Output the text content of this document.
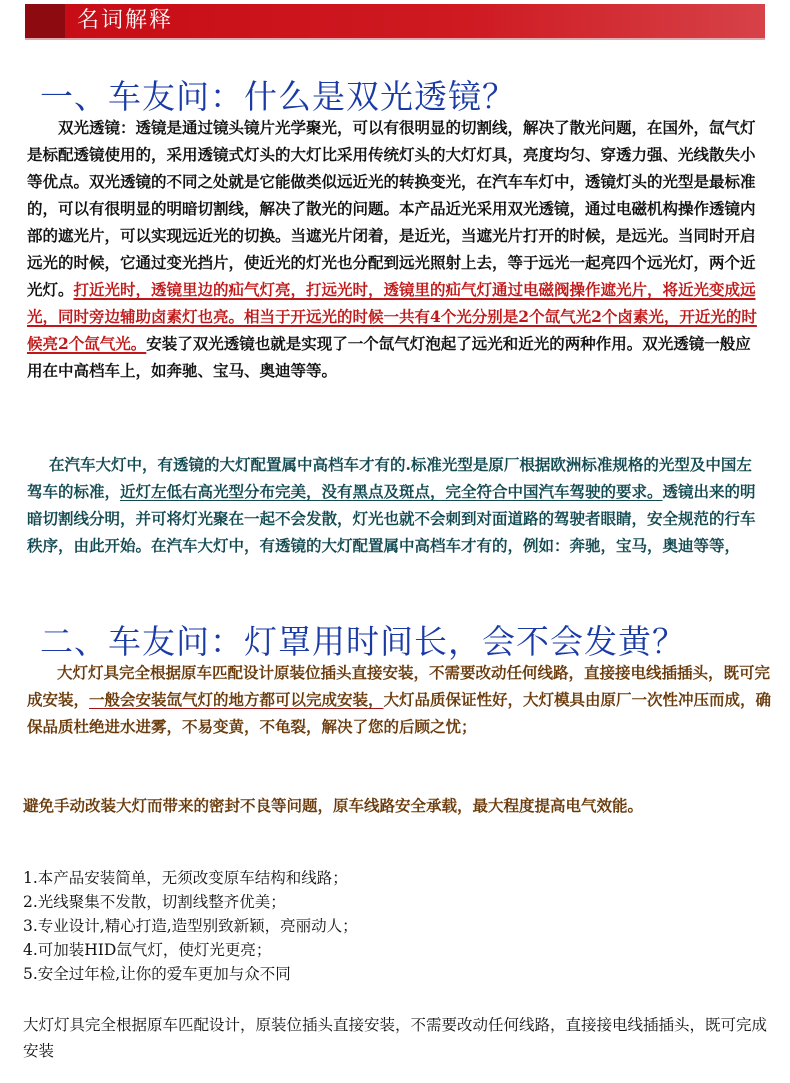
名词解释
一、车友问：什么是双光透镜？

双光透镜：透镜是通过镜头镜片光学聚光，可以有很明显的切割线，解决了散光问题，在国外，氙气灯是标配透镜使用的，采用透镜式灯头的大灯比采用传统灯头的大灯灯具，亮度均匀、穿透力强、光线散失小等优点。双光透镜的不同之处就是它能做类似远近光的转换变光，在汽车车灯中，透镜灯头的光型是最标准的，可以有很明显的明暗切割线，解决了散光的问题。本产品近光采用双光透镜，通过电磁机构操作透镜内部的遮光片，可以实现远近光的切换。当遮光片闭着，是近光，当遮光片打开的时候，是远光。当同时开启远光的时候，它通过变光挡片，使近光的灯光也分配到远光照射上去，等于远光一起亮四个远光灯，两个近光灯。打近光时，透镜里边的疝气灯亮，打远光时，透镜里的疝气灯通过电磁阀操作遮光片，将近光变成远光，同时旁边辅助卤素灯也亮。相当于开远光的时候一共有4个光分别是2个氙气光2个卤素光，开近光的时候亮2个氙气光。安装了双光透镜也就是实现了一个氙气灯泡起了远光和近光的两种作用。双光透镜一般应用在中高档车上，如奔驰、宝马、奥迪等等。

在汽车大灯中，有透镜的大灯配置属中高档车才有的.标准光型是原厂根据欧洲标准规格的光型及中国左驾车的标准，近灯左低右高光型分布完美，没有黑点及斑点，完全符合中国汽车驾驶的要求。透镜出来的明暗切割线分明，并可将灯光聚在一起不会发散，灯光也就不会刺到对面道路的驾驶者眼睛，安全规范的行车秩序，由此开始。在汽车大灯中，有透镜的大灯配置属中高档车才有的，例如：奔驰，宝马，奥迪等等，

二、车友问：灯罩用时间长，会不会发黄？

大灯灯具完全根据原车匹配设计原装位插头直接安装，不需要改动任何线路，直接接电线插插头，既可完成安装，一般会安装氙气灯的地方都可以完成安装，大灯品质保证性好，大灯模具由原厂一次性冲压而成，确保品质杜绝进水进雾，不易变黄，不龟裂，解决了您的后顾之忧；

避免手动改装大灯而带来的密封不良等问题，原车线路安全承载，最大程度提高电气效能。

1.本产品安装简单，无须改变原车结构和线路；
2.光线聚集不发散，切割线整齐优美；
3.专业设计,精心打造,造型别致新颖，亮丽动人；
4.可加装HID氙气灯，使灯光更亮；
5.安全过年检,让你的爱车更加与众不同

大灯灯具完全根据原车匹配设计，原装位插头直接安装，不需要改动任何线路，直接接电线插插头，既可完成安装
